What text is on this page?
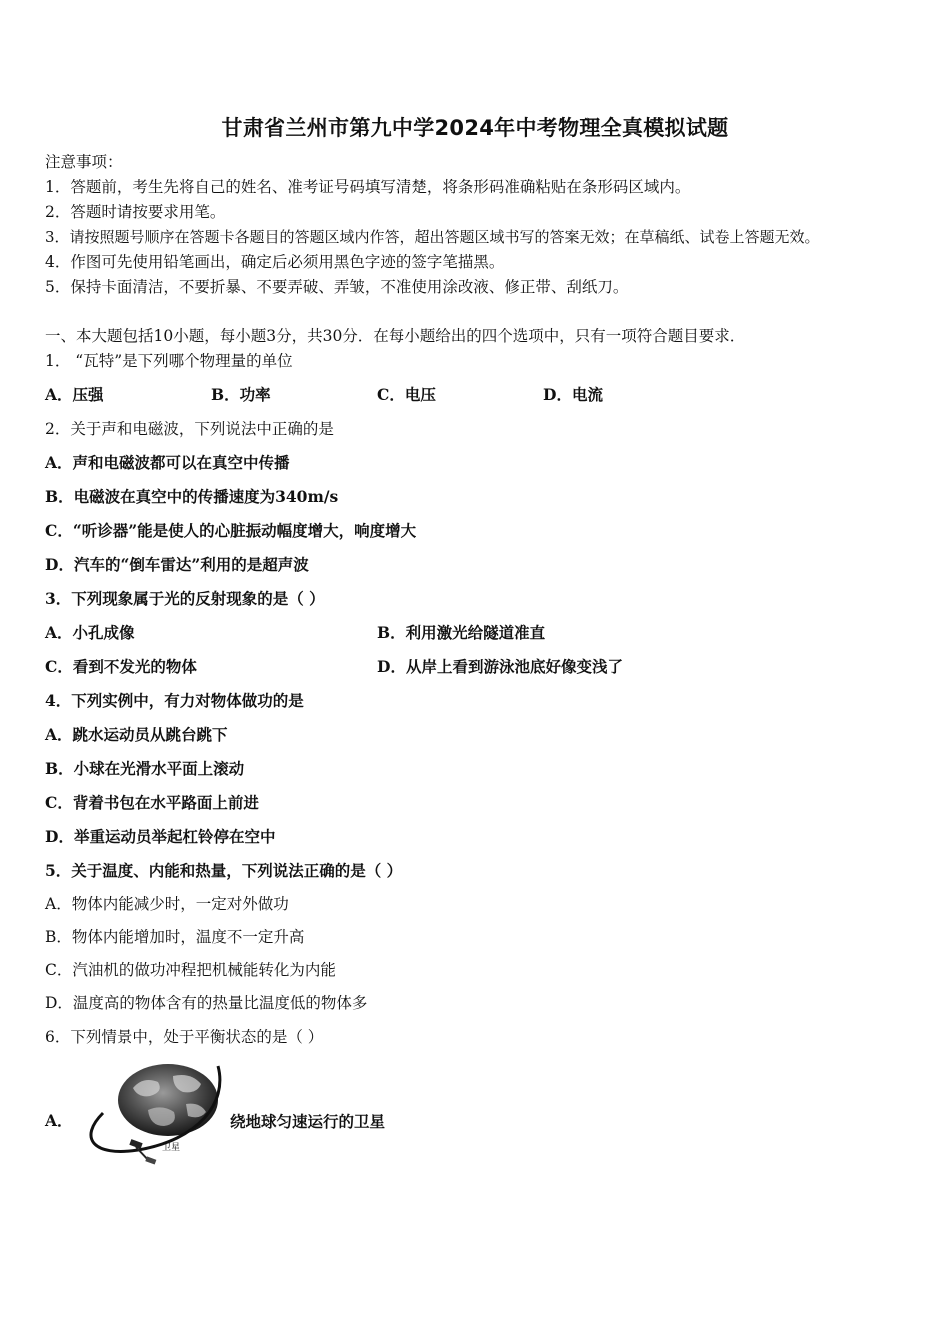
甘肃省兰州市第九中学2024年中考物理全真模拟试题
注意事项：
1．答题前，考生先将自己的姓名、准考证号码填写清楚，将条形码准确粘贴在条形码区域内。
2．答题时请按要求用笔。
3．请按照题号顺序在答题卡各题目的答题区域内作答，超出答题区域书写的答案无效；在草稿纸、试卷上答题无效。
4．作图可先使用铅笔画出，确定后必须用黑色字迹的签字笔描黑。
5．保持卡面清洁，不要折暴、不要弄破、弄皱，不准使用涂改液、修正带、刮纸刀。
一、本大题包括10小题，每小题3分，共30分．在每小题给出的四个选项中，只有一项符合题目要求．
1． “瓦特”是下列哪个物理量的单位
A．压强	B．功率	C．电压	D．电流
2．关于声和电磁波，下列说法中正确的是
A．声和电磁波都可以在真空中传播
B．电磁波在真空中的传播速度为340m/s
C．“听诊器”能是使人的心脏振动幅度增大，响度增大
D．汽车的“倒车雷达”利用的是超声波
3．下列现象属于光的反射现象的是（ ）
A．小孔成像	B．利用激光给隧道准直
C．看到不发光的物体	D．从岸上看到游泳池底好像变浅了
4．下列实例中，有力对物体做功的是
A．跳水运动员从跳台跳下
B．小球在光滑水平面上滚动
C．背着书包在水平路面上前进
D．举重运动员举起杠铃停在空中
5．关于温度、内能和热量，下列说法正确的是（ ）
A．物体内能减少时，一定对外做功
B．物体内能增加时，温度不一定升高
C．汽油机的做功冲程把机械能转化为内能
D．温度高的物体含有的热量比温度低的物体多
6．下列情景中，处于平衡状态的是（ ）
A．
卫星
绕地球匀速运行的卫星
